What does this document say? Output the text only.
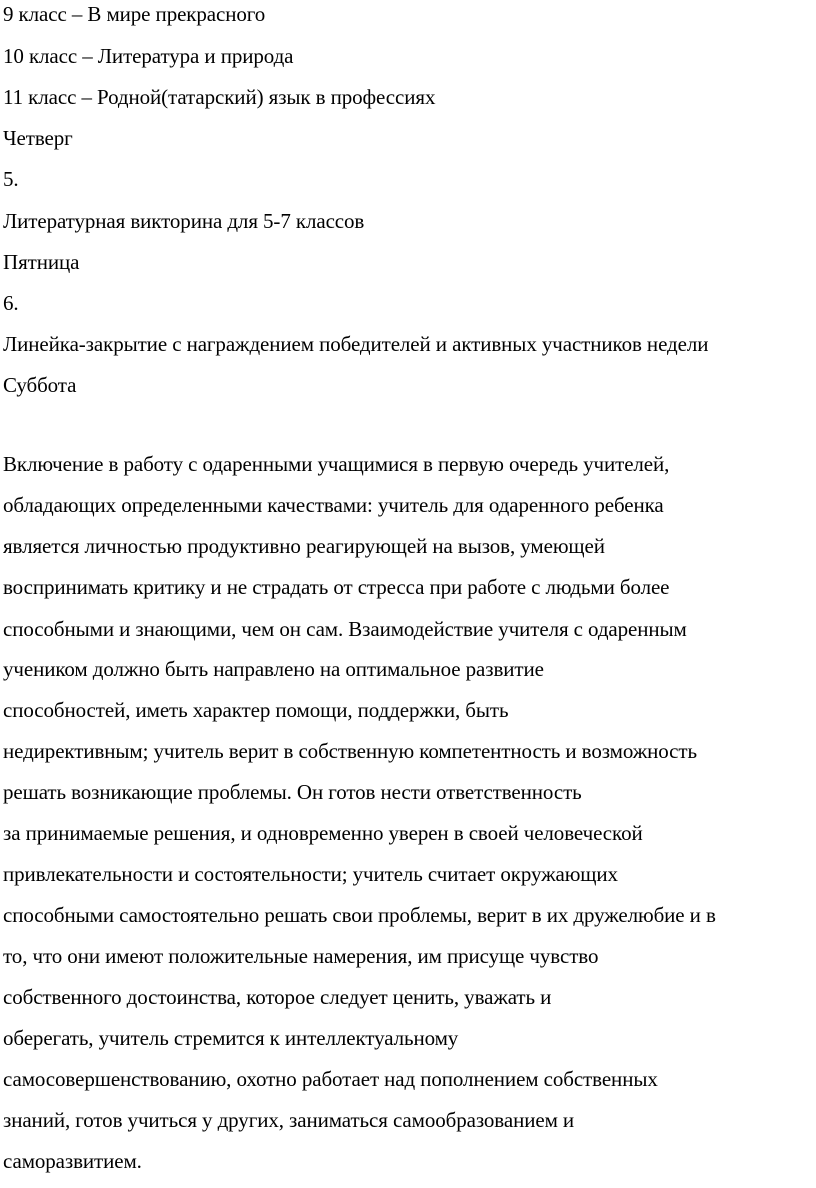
9 класс – В мире прекрасного
10 класс – Литература и природа
11 класс – Родной(татарский) язык в профессиях
Четверг
5.
Литературная викторина для 5-7 классов
Пятница
6.
Линейка-закрытие с награждением победителей и активных участников недели
Суббота
Включение в работу с одаренными учащимися в первую очередь учителей,
обладающих определенными качествами: учитель для одаренного ребенка
является личностью продуктивно реагирующей на вызов, умеющей
воспринимать критику и не страдать от стресса при работе с людьми более
способными и знающими, чем он сам. Взаимодействие учителя с одаренным
учеником должно быть направлено на оптимальное развитие
способностей, иметь характер помощи, поддержки, быть
недирективным; учитель верит в собственную компетентность и возможность
решать возникающие проблемы. Он готов нести ответственность
за принимаемые решения, и одновременно уверен в своей человеческой
привлекательности и состоятельности; учитель считает окружающих
способными самостоятельно решать свои проблемы, верит в их дружелюбие и в
то, что они имеют положительные намерения, им присуще чувство
собственного достоинства, которое следует ценить, уважать и
оберегать, учитель стремится к интеллектуальному
самосовершенствованию, охотно работает над пополнением собственных
знаний, готов учиться у других, заниматься самообразованием и
саморазвитием.
